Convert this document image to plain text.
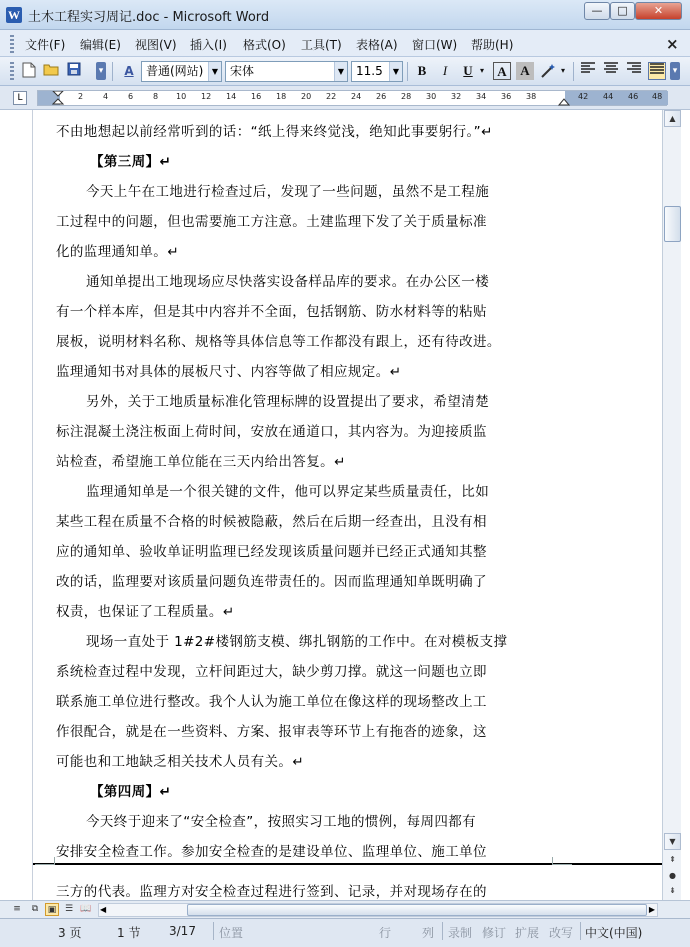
W 土木工程实习周记.doc - Microsoft Word	—	□	✕
文件(F) 编辑(E) 视图(V) 插入(I) 格式(O) 工具(T) 表格(A) 窗口(W) 帮助(H)	×
▾	A	普通(网站)	▼ 宋体	▼ 11.5	▼	B	I	U ▾	A	A	▾	▾
L	2 4 6 8 10 12 14 16 18 20 22 24 26 28 30 32 34 36 38	42 44 46 48
不由地想起以前经常听到的话：“纸上得来终觉浅，绝知此事要躬行。”↵
【第三周】↵
今天上午在工地进行检查过后，发现了一些问题，虽然不是工程施
工过程中的问题，但也需要施工方注意。土建监理下发了关于质量标准
化的监理通知单。↵
通知单提出工地现场应尽快落实设备样品库的要求。在办公区一楼
有一个样本库，但是其中内容并不全面，包括钢筋、防水材料等的粘贴
展板，说明材料名称、规格等具体信息等工作都没有跟上，还有待改进。
监理通知书对具体的展板尺寸、内容等做了相应规定。↵
另外，关于工地质量标准化管理标牌的设置提出了要求，希望清楚
标注混凝土浇注板面上荷时间，安放在通道口，其内容为。为迎接质监
站检查，希望施工单位能在三天内给出答复。↵
监理通知单是一个很关键的文件，他可以界定某些质量责任，比如
某些工程在质量不合格的时候被隐蔽，然后在后期一经查出，且没有相
应的通知单、验收单证明监理已经发现该质量问题并已经正式通知其整
改的话，监理要对该质量问题负连带责任的。因而监理通知单既明确了
权责，也保证了工程质量。↵
现场一直处于 1#2#楼钢筋支模、绑扎钢筋的工作中。在对模板支撑
系统检查过程中发现，立杆间距过大，缺少剪刀撑。就这一问题也立即
联系施工单位进行整改。我个人认为施工单位在像这样的现场整改上工
作很配合，就是在一些资料、方案、报审表等环节上有拖沓的迹象，这
可能也和工地缺乏相关技术人员有关。↵
【第四周】↵
今天终于迎来了“安全检查”，按照实习工地的惯例，每周四都有
安排安全检查工作。参加安全检查的是建设单位、监理单位、施工单位
三方的代表。监理方对安全检查过程进行签到、记录，并对现场存在的
▲
▼
⇞
●
⇟
≡	⧉	▣ ☰ 📖 ◀	▶
3 页	1 节 3/17 位置	行	列 录制 修订 扩展 改写 中文(中国)
